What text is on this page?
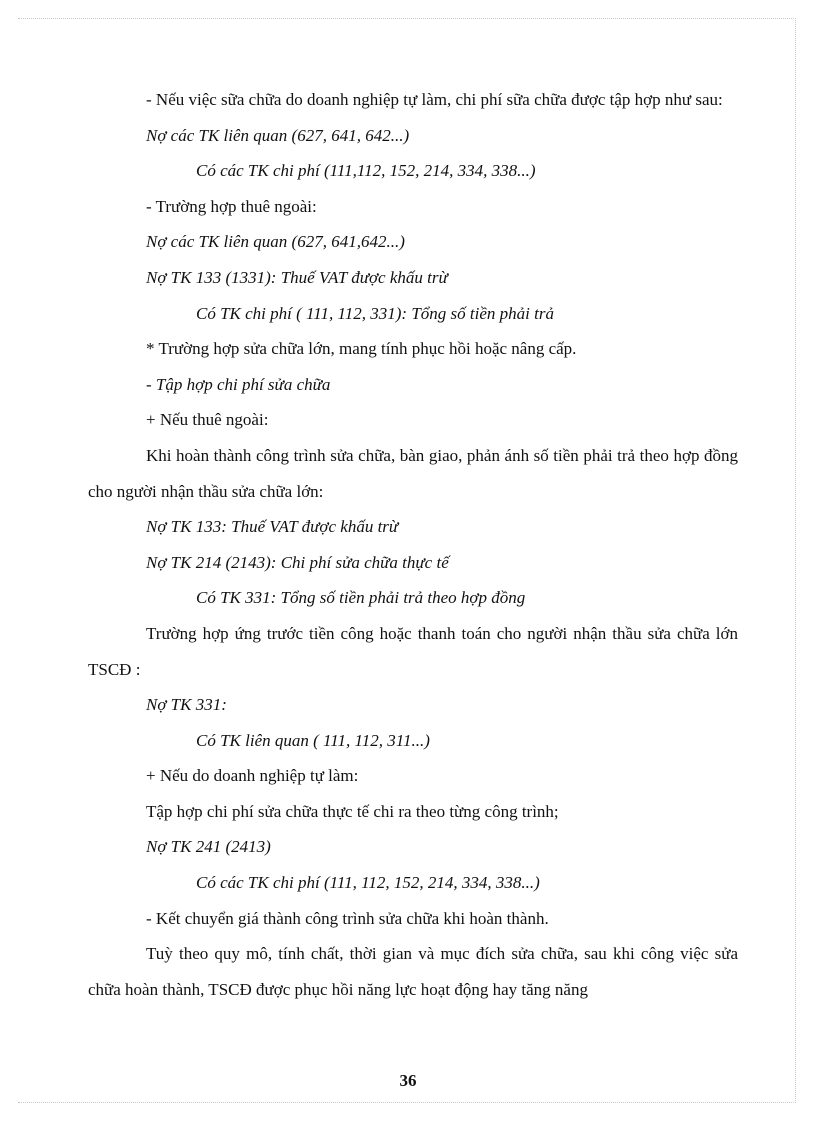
- Nếu việc sữa chữa do doanh nghiệp tự làm, chi phí sữa chữa được tập hợp như sau:

Nợ các TK liên quan (627, 641, 642...)

Có các TK chi phí (111,112, 152, 214, 334, 338...)

- Trường hợp thuê ngoài:

Nợ các TK liên quan (627, 641,642...)

Nợ TK 133 (1331): Thuế VAT được khấu trừ

Có TK chi phí ( 111, 112, 331): Tổng số tiền phải trả

* Trường hợp sửa chữa lớn, mang tính phục hồi hoặc nâng cấp.

- Tập hợp chi phí sửa chữa

+ Nếu thuê ngoài:

Khi hoàn thành công trình sửa chữa, bàn giao, phản ánh số tiền phải trả theo hợp đồng cho người nhận thầu sửa chữa lớn:

Nợ TK 133: Thuế VAT được khấu trừ

Nợ TK 214 (2143): Chi phí sửa chữa thực tế

Có TK 331: Tổng số tiền phải trả theo hợp đồng

Trường hợp ứng trước tiền công hoặc thanh toán cho người nhận thầu sửa chữa lớn TSCĐ :

Nợ TK 331:

Có TK liên quan ( 111, 112, 311...)

+ Nếu do doanh nghiệp tự làm:

Tập hợp chi phí sửa chữa thực tế chi ra theo từng công trình;

Nợ TK 241 (2413)

Có các TK chi phí (111, 112, 152, 214, 334, 338...)

- Kết chuyển giá thành công trình sửa chữa khi hoàn thành.

Tuỳ theo quy mô, tính chất, thời gian và mục đích sửa chữa, sau khi công việc sửa chữa hoàn thành, TSCĐ được phục hồi năng lực hoạt động hay tăng năng

36
